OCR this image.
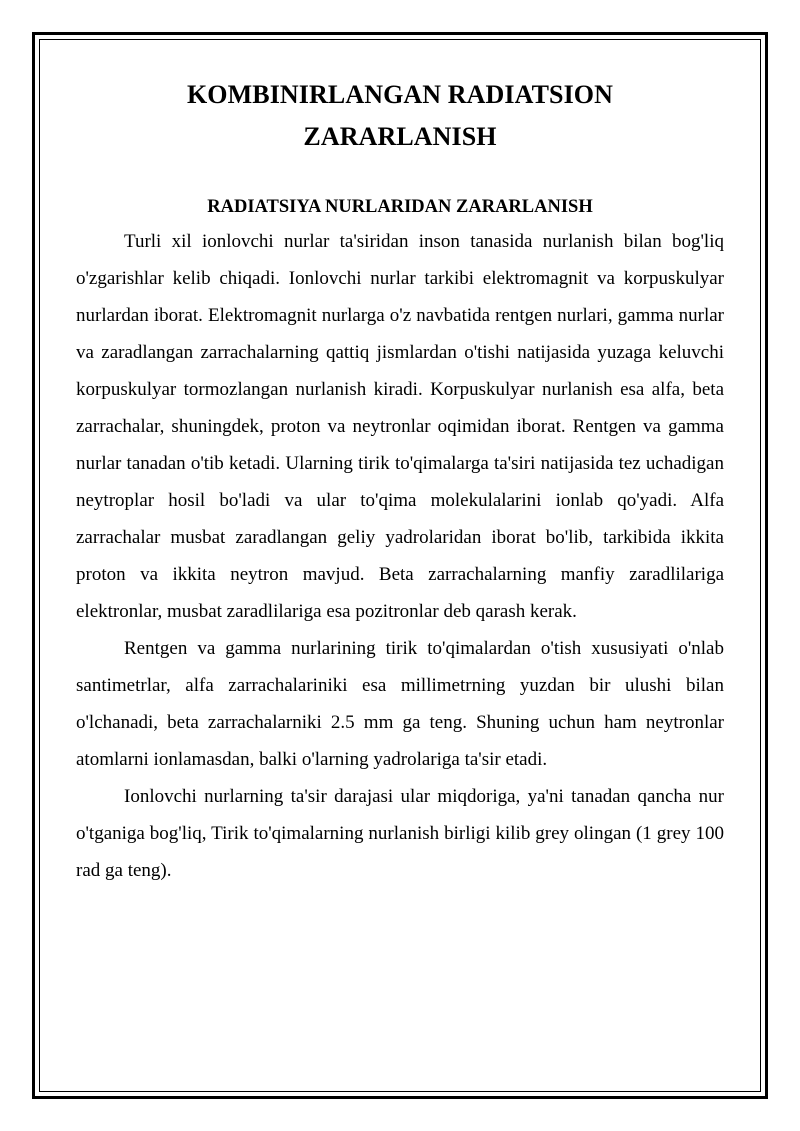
KOMBINIRLANGAN RADIATSION
ZARARLANISH
RADIATSIYA NURLARIDAN ZARARLANISH

Turli xil ionlovchi nurlar ta'siridan inson tanasida nurlanish bilan bog'liq o'zgarishlar kelib chiqadi. Ionlovchi nurlar tarkibi elektromagnit va korpuskulyar nurlardan iborat. Elektromagnit nurlarga o'z navbatida rentgen nurlari, gamma nurlar va zaradlangan zarrachalarning qattiq jismlardan o'tishi natijasida yuzaga keluvchi korpuskulyar tormozlangan nurlanish kiradi. Korpuskulyar nurlanish esa alfa, beta zarrachalar, shuningdek, proton va neytronlar oqimidan iborat. Rentgen va gamma nurlar tanadan o'tib ketadi. Ularning tirik to'qimalarga ta'siri natijasida tez uchadigan neytroplar hosil bo'ladi va ular to'qima molekulalarini ionlab qo'yadi. Alfa zarrachalar musbat zaradlangan geliy yadrolaridan iborat bo'lib, tarkibida ikkita proton va ikkita neytron mavjud. Beta zarrachalarning manfiy zaradlilariga elektronlar, musbat zaradlilariga esa pozitronlar deb qarash kerak.

Rentgen va gamma nurlarining tirik to'qimalardan o'tish xususiyati o'nlab santimetrlar, alfa zarrachalariniki esa millimetrning yuzdan bir ulushi bilan o'lchanadi, beta zarrachalarniki 2.5 mm ga teng. Shuning uchun ham neytronlar atomlarni ionlamasdan, balki o'larning yadrolariga ta'sir etadi.

Ionlovchi nurlarning ta'sir darajasi ular miqdoriga, ya'ni tanadan qancha nur o'tganiga bog'liq, Tirik to'qimalarning nurlanish birligi kilib grey olingan (1 grey 100 rad ga teng).
